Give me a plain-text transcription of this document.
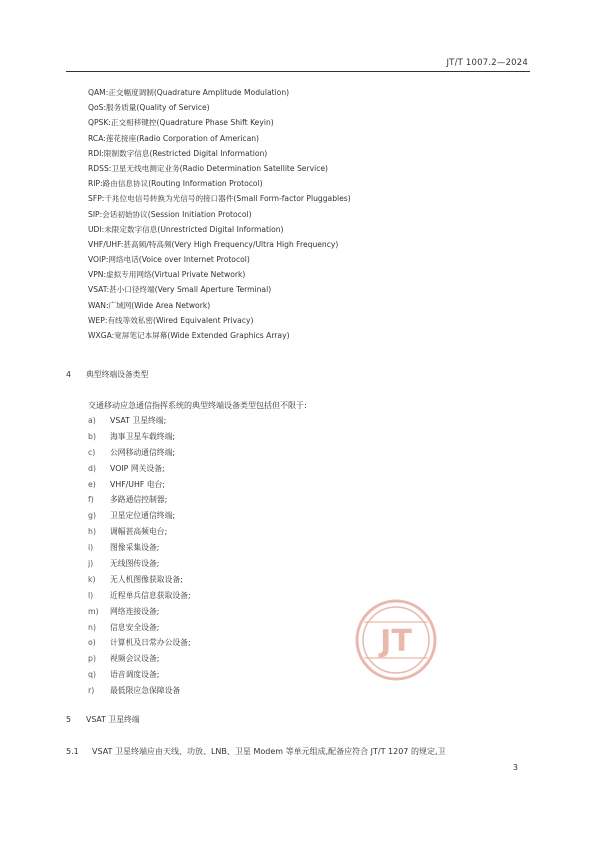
JT/T 1007.2—2024
QAM:正交幅度调制(Quadrature Amplitude Modulation)
QoS:服务质量(Quality of Service)
QPSK:正交相移键控(Quadrature Phase Shift Keyin)
RCA:莲花接座(Radio Corporation of American)
RDI:限制数字信息(Restricted Digital Information)
RDSS:卫星无线电测定业务(Radio Determination Satellite Service)
RIP:路由信息协议(Routing Information Protocol)
SFP:千兆位电信号转换为光信号的接口器件(Small Form-factor Pluggables)
SIP:会话初始协议(Session Initiation Protocol)
UDI:未限定数字信息(Unrestricted Digital Information)
VHF/UHF:甚高频/特高频(Very High Frequency/Ultra High Frequency)
VOIP:网络电话(Voice over Internet Protocol)
VPN:虚拟专用网络(Virtual Private Network)
VSAT:甚小口径终端(Very Small Aperture Terminal)
WAN:广域网(Wide Area Network)
WEP:有线等效私密(Wired Equivalent Privacy)
WXGA:宽屏笔记本屏幕(Wide Extended Graphics Array)
4 典型终端设备类型
交通移动应急通信指挥系统的典型终端设备类型包括但不限于:
a)	VSAT 卫星终端;
b)	海事卫星车载终端;
c)	公网移动通信终端;
d)	VOIP 网关设备;
e)	VHF/UHF 电台;
f)	多路通信控制器;
g)	卫星定位通信终端;
h)	调幅甚高频电台;
i)	图像采集设备;
j)	无线图传设备;
k)	无人机图像获取设备;
l)	近程单兵信息获取设备;
m)	网络连接设备;
n)	信息安全设备;
o)	计算机及日常办公设备;
p)	视频会议设备;
q)	语音调度设备;
r)	最低限应急保障设备
5 VSAT 卫星终端
5.1 VSAT 卫星终端应由天线、功放、LNB、卫星 Modem 等单元组成,配备应符合 JT/T 1207 的规定,卫
3
JT
